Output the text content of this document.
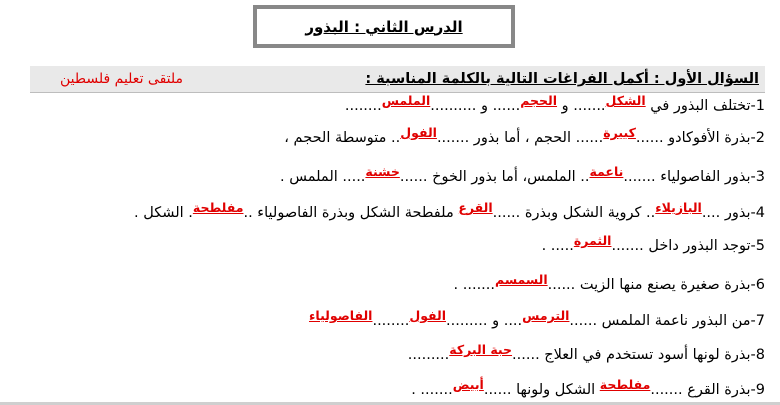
الدرس الثاني : البذور
ملتقى تعليم فلسطين	السؤال الأول : أكمل الفراغات التالية بالكلمة المناسبة :
1-تختلف البذور في الشكل....... و الحجم...... و ..........الملمس........
2-بذرة الأفوكادو ......كبيرة...... الحجم ، أما بذور .......الفول.. متوسطة الحجم ،
3-بذور الفاصولياء .......ناعمة.. الملمس، أما بذور الخوخ ......خشنة..... الملمس .
4-بذور ....البازيلاء.. كروية الشكل وبذرة ......القرع ملفطحة الشكل وبذرة الفاصولياء ..مفلطحة. الشكل .
5-توجد البذور داخل .......الثمرة..... .
6-بذرة صغيرة يصنع منها الزيت ......السمسم....... .
7-من البذور ناعمة الملمس ......الترمس.... و .........الفول........الفاصولياء
8-بذرة لونها أسود تستخدم في العلاج ......حبة البركة.........
9-بذرة القرع .......مفلطحة الشكل ولونها ......أبيض....... .
